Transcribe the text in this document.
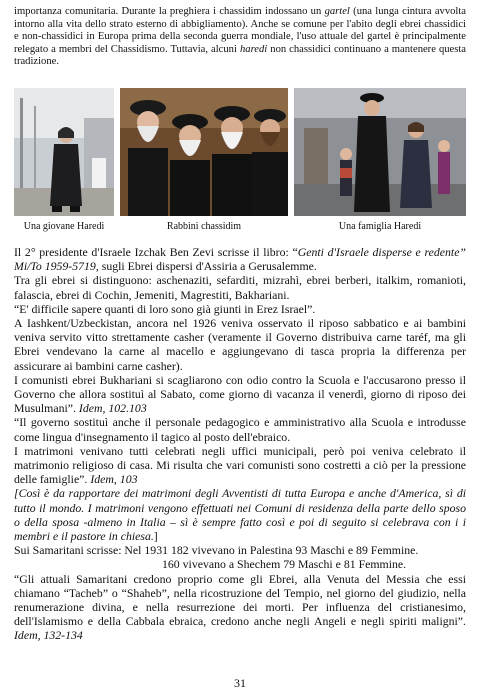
importanza comunitaria. Durante la preghiera i chassidim indossano un gartel (una lunga cintura avvolta intorno alla vita dello strato esterno di abbigliamento). Anche se comune per l'abito degli ebrei chassidici e non-chassidici in Europa prima della seconda guerra mondiale, l'uso attuale del gartel è principalmente relegato a membri del Chassidismo. Tuttavia, alcuni haredi non chassidici continuano a mantenere questa tradizione.
Una giovane Haredi	Rabbini chassidim	Una famiglia Haredi

Il 2° presidente d'Israele Izchak Ben Zevi scrisse il libro: “Genti d'Israele disperse e redente” Mi/To 1959-5719, sugli Ebrei dispersi d'Assiria a Gerusalemme.

Tra gli ebrei si distinguono: aschenaziti, sefarditi, mizrahì, ebrei berberi, italkim, romanioti, falascia, ebrei di Cochin, Jemeniti, Magrestiti, Bakhariani.

“E' difficile sapere quanti di loro sono già giunti in Erez Israel”.

A Iashkent/Uzbeckistan, ancora nel 1926 veniva osservato il riposo sabbatico e ai bambini veniva servito vitto strettamente casher (veramente il Governo distribuiva carne taréf, ma gli Ebrei vendevano la carne al macello e aggiungevano di tasca propria la differenza per assicurare ai bambini carne casher).

I comunisti ebrei Bukhariani si scagliarono con odio contro la Scuola e l'accusarono presso il Governo che allora sostituì al Sabato, come giorno di vacanza il venerdì, giorno di riposo dei Musulmani”. Idem, 102.103

“Il governo sostituì anche il personale pedagogico e amministrativo alla Scuola e introdusse come lingua d'insegnamento il tagico al posto dell'ebraico.

I matrimoni venivano tutti celebrati negli uffici municipali, però poi veniva celebrato il matrimonio religioso di casa. Mi risulta che vari comunisti sono costretti a ciò per la pressione delle famiglie”. Idem, 103

[Così è da rapportare dei matrimoni degli Avventisti di tutta Europa e anche d'America, sì di tutto il mondo. I matrimoni vengono effettuati nei Comuni di residenza della parte dello sposo o della sposa -almeno in Italia – sì è sempre fatto così e poi di seguito si celebrava con i i membri e il pastore in chiesa.]

Sui Samaritani scrisse: Nel 1931 182 vivevano in Palestina 93 Maschi e 89 Femmine.

160 vivevano a Shechem 79 Maschi e 81 Femmine.

“Gli attuali Samaritani credono proprio come gli Ebrei, alla Venuta del Messia che essi chiamano “Tacheb” o “Shaheb”, nella ricostruzione del Tempio, nel giorno del giudizio, nella renumerazione divina, e nella resurrezione dei morti. Per influenza del cristianesimo, dell'Islamismo e della Cabbala ebraica, credono anche negli Angeli e negli spiriti maligni”. Idem, 132-134

31
